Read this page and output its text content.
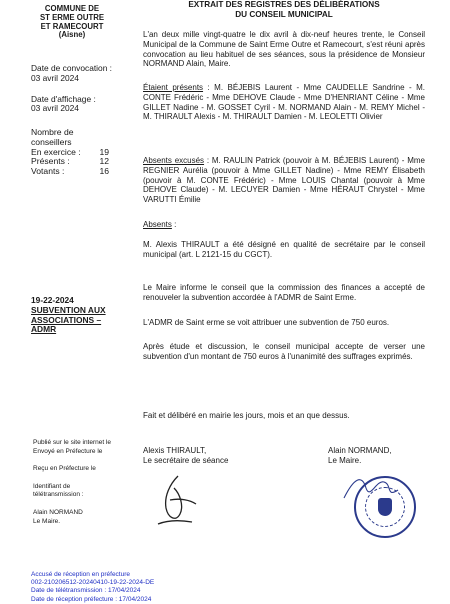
COMMUNE DE
ST ERME OUTRE
ET RAMECOURT
(Aisne)
EXTRAIT DES REGISTRES DES DÉLIBÉRATIONS
DU CONSEIL MUNICIPAL
Date de convocation :
03 avril 2024
Date d'affichage :
03 avril 2024
Nombre de
conseillers
En exercice :	19
Présents :	12
Votants :	16

L'an deux mille vingt-quatre le dix avril à dix-neuf heures trente, le Conseil Municipal de la Commune de Saint Erme Outre et Ramecourt, s'est réuni après convocation au lieu habituel de ses séances, sous la présidence de Monsieur NORMAND Alain, Maire.

Étaient présents : M. BÉJEBIS Laurent - Mme CAUDELLE Sandrine - M. CONTE Frédéric - Mme DEHOVE Claude - Mme D'HENRIANT Céline - Mme GILLET Nadine - M. GOSSET Cyril - M. NORMAND Alain - M. REMY Michel - M. THIRAULT Alexis - M. THIRAULT Damien - M. LEOLETTI Olivier

Absents excusés : M. RAULIN Patrick (pouvoir à M. BÉJEBIS Laurent) - Mme REGNIER Aurélia (pouvoir à Mme GILLET Nadine) - Mme REMY Élisabeth (pouvoir à M. CONTE Frédéric) - Mme LOUIS Chantal (pouvoir à Mme DEHOVE Claude) - M. LECUYER Damien - Mme HÉRAUT Chrystel - Mme VARUTTI Émilie

Absents :

M. Alexis THIRAULT a été désigné en qualité de secrétaire par le conseil municipal (art. L 2121-15 du CGCT).

19-22-2024
SUBVENTION AUX
ASSOCIATIONS –
ADMR

Le Maire informe le conseil que la commission des finances a accepté de renouveler la subvention accordée à l'ADMR de Saint Erme.

L'ADMR de Saint erme se voit attribuer une subvention de 750 euros.

Après étude et discussion, le conseil municipal accepte de verser une subvention d'un montant de 750 euros à l'unanimité des suffrages exprimés.

Fait et délibéré en mairie les jours, mois et an que dessus.

Alexis THIRAULT,
Le secrétaire de séance
Alain NORMAND,
Le Maire.
Publié sur le site internet le
Envoyé en Préfecture le
Reçu en Préfecture le
Identifiant de
télétransmission :
Alain NORMAND
Le Maire.
Accusé de réception en préfecture
002-210206512-20240410-19-22-2024-DE
Date de télétransmission : 17/04/2024
Date de réception préfecture : 17/04/2024
